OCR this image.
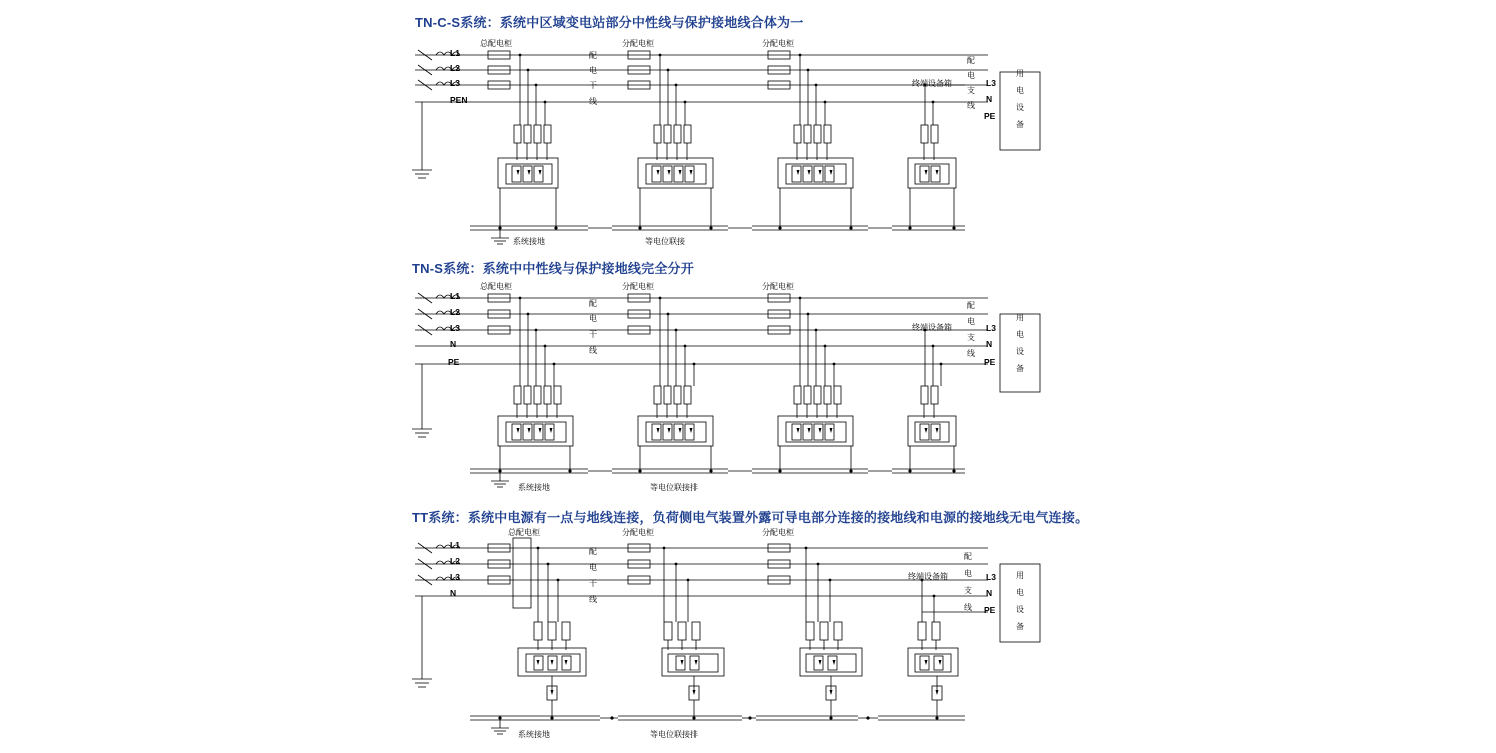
TN-C-S系统：系统中区域变电站部分中性线与保护接地线合体为一
L1
L2
L3
PEN
总配电柜	分配电柜	分配电柜
终端设备箱
配
电
干
线
配
电
支
线
L3
N
PE
用
电
设
备
系统接地	等电位联接
TN-S系统：系统中中性线与保护接地线完全分开
L1
L2
L3
N
PE
总配电柜	分配电柜	分配电柜
终端设备箱
配
电
干
线
配
电
支
线
L3
N
PE
用
电
设
备
系统接地	等电位联接排
TT系统：系统中电源有一点与地线连接，负荷侧电气装置外露可导电部分连接的接地线和电源的接地线无电气连接。
L1
L2
L3
N
总配电柜	分配电柜	分配电柜
终端设备箱
配
电
干
线
配
电
支
线
L3
N
PE
用
电
设
备
系统接地	等电位联接排
